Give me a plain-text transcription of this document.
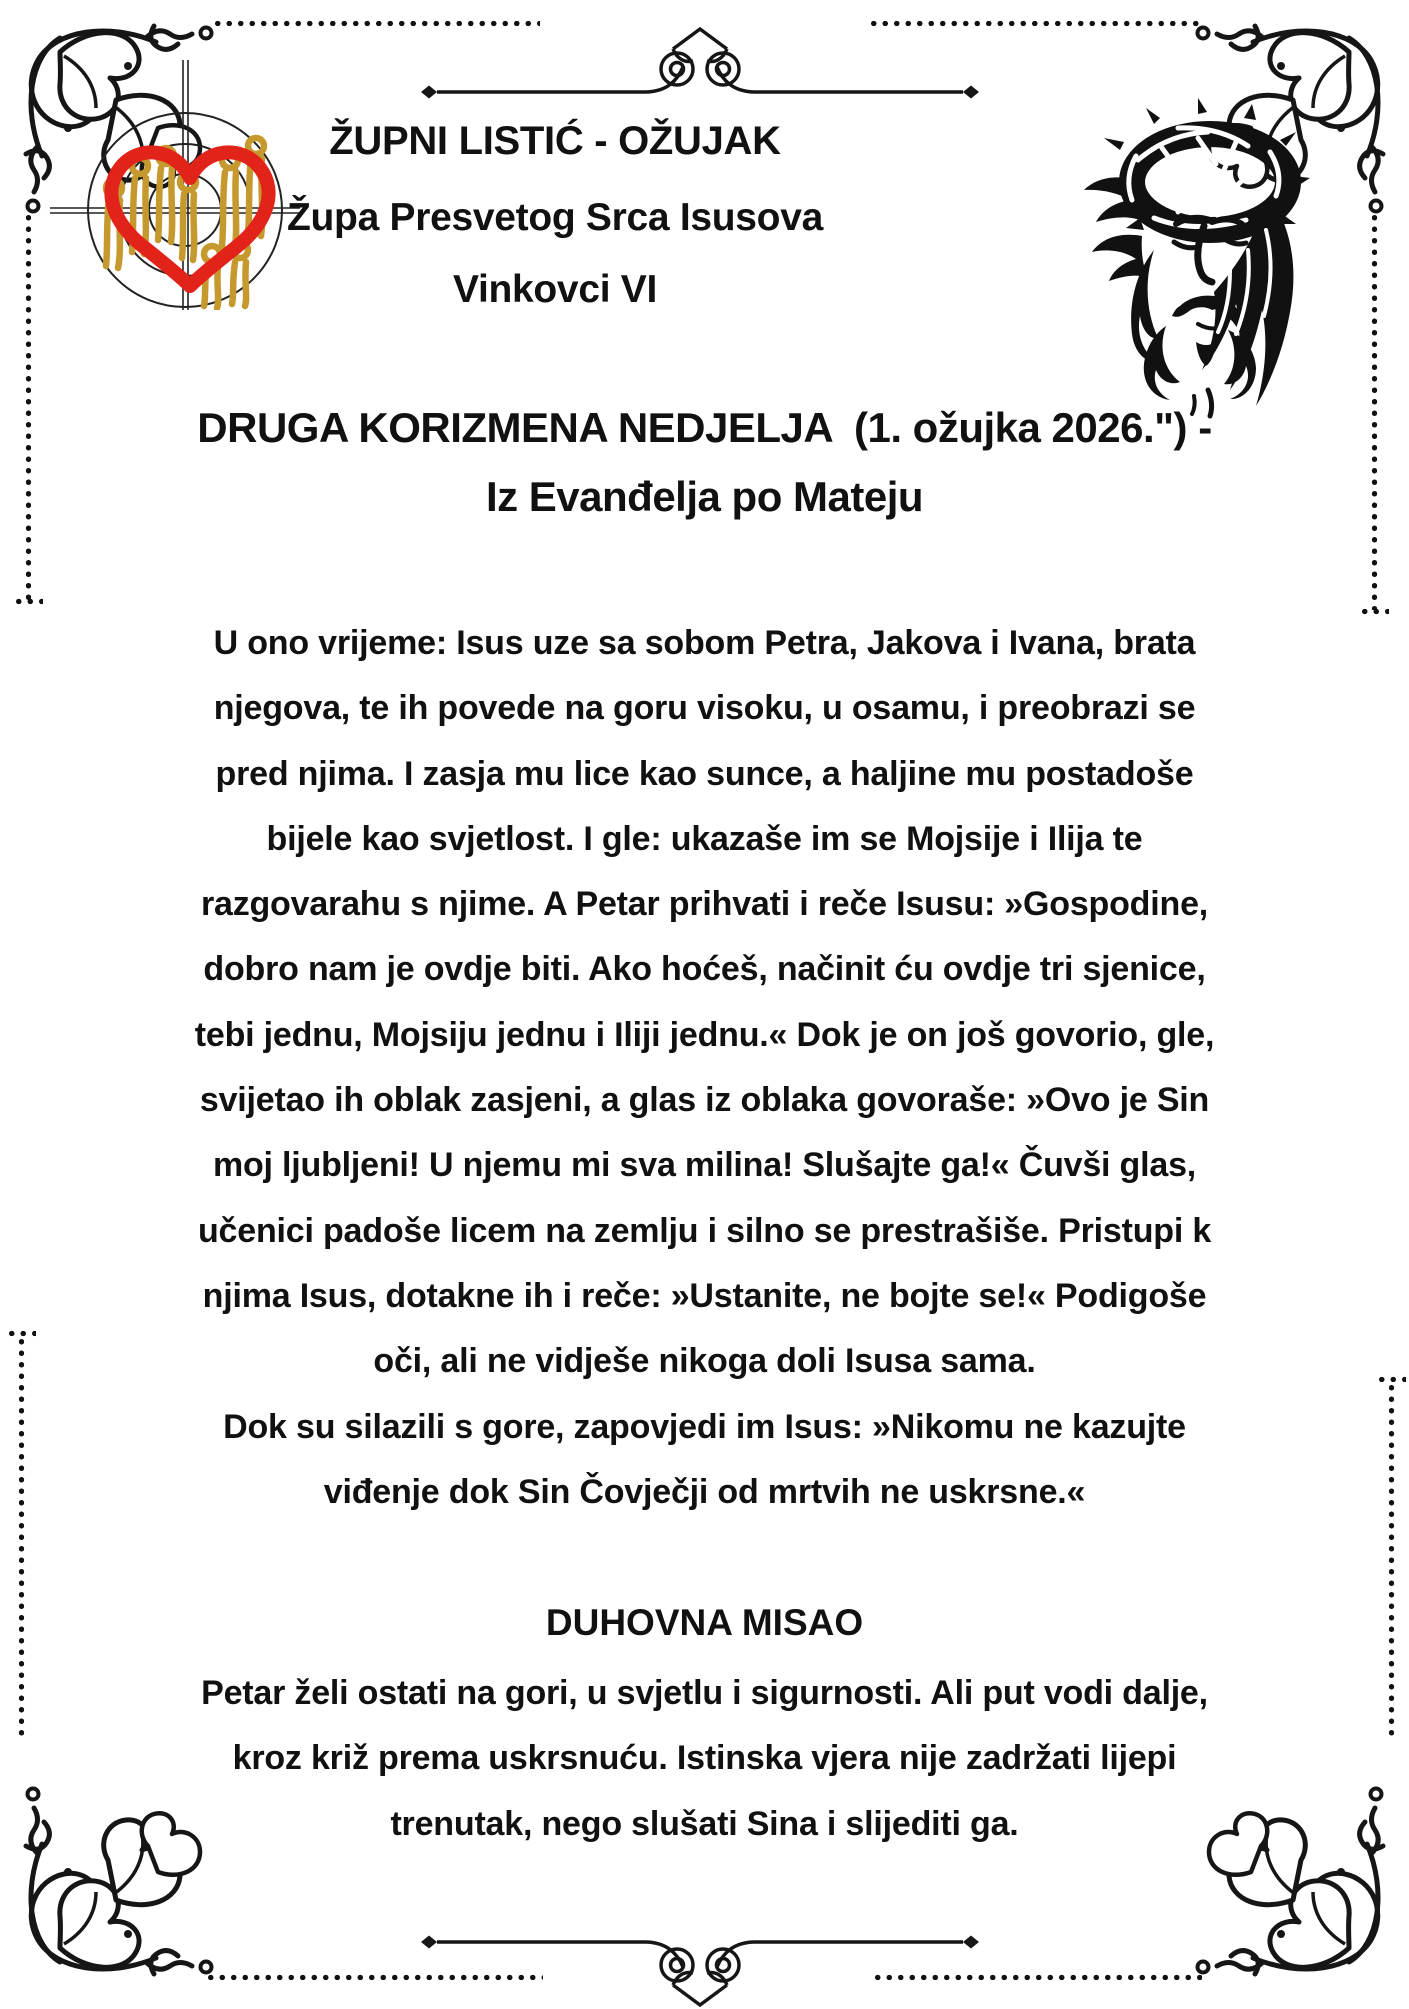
ŽUPNI LISTIĆ - OŽUJAK
Župa Presvetog Srca Isusova
Vinkovci VI
DRUGA KORIZMENA NEDJELJA  (1. ožujka 2026.") -
Iz Evanđelja po Mateju
U ono vrijeme: Isus uze sa sobom Petra, Jakova i Ivana, brata
njegova, te ih povede na goru visoku, u osamu, i preobrazi se
pred njima. I zasja mu lice kao sunce, a haljine mu postadoše
bijele kao svjetlost. I gle: ukazaše im se Mojsije i Ilija te
razgovarahu s njime. A Petar prihvati i reče Isusu: »Gospodine,
dobro nam je ovdje biti. Ako hoćeš, načinit ću ovdje tri sjenice,
tebi jednu, Mojsiju jednu i Iliji jednu.« Dok je on još govorio, gle,
svijetao ih oblak zasjeni, a glas iz oblaka govoraše: »Ovo je Sin
moj ljubljeni! U njemu mi sva milina! Slušajte ga!« Čuvši glas,
učenici padoše licem na zemlju i silno se prestrašiše. Pristupi k
njima Isus, dotakne ih i reče: »Ustanite, ne bojte se!« Podigoše
oči, ali ne vidješe nikoga doli Isusa sama.
Dok su silazili s gore, zapovjedi im Isus: »Nikomu ne kazujte
viđenje dok Sin Čovječji od mrtvih ne uskrsne.«
DUHOVNA MISAO
Petar želi ostati na gori, u svjetlu i sigurnosti. Ali put vodi dalje,
kroz križ prema uskrsnuću. Istinska vjera nije zadržati lijepi
trenutak, nego slušati Sina i slijediti ga.
